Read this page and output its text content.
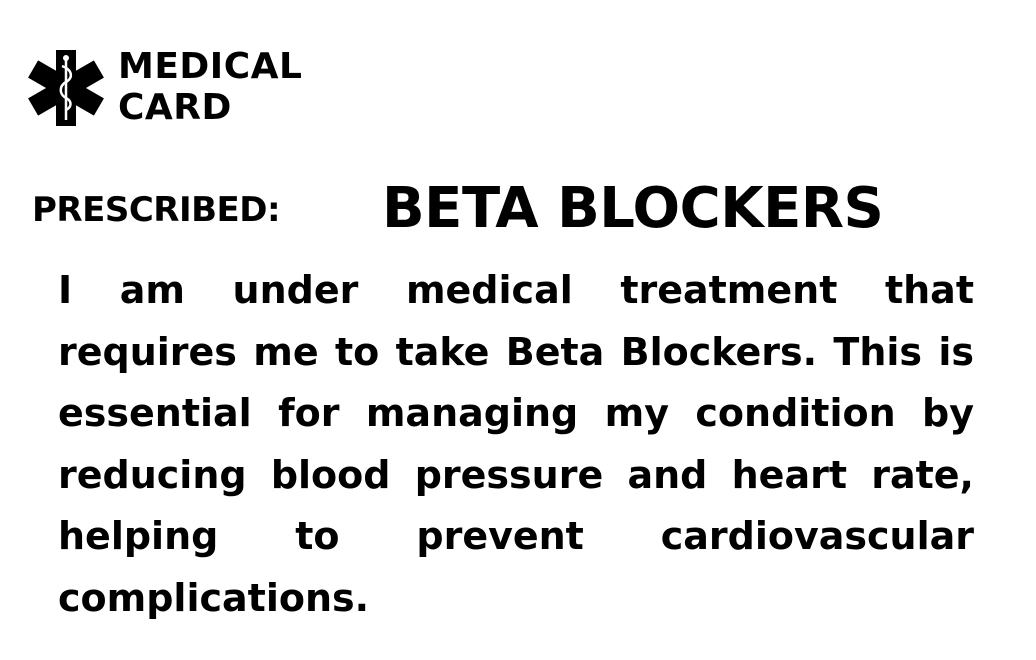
MEDICAL
CARD
PRESCRIBED: BETA BLOCKERS

I am under medical treatment that requires me to take Beta Blockers. This is essential for managing my condition by reducing blood pressure and heart rate, helping to prevent cardiovascular complications.
